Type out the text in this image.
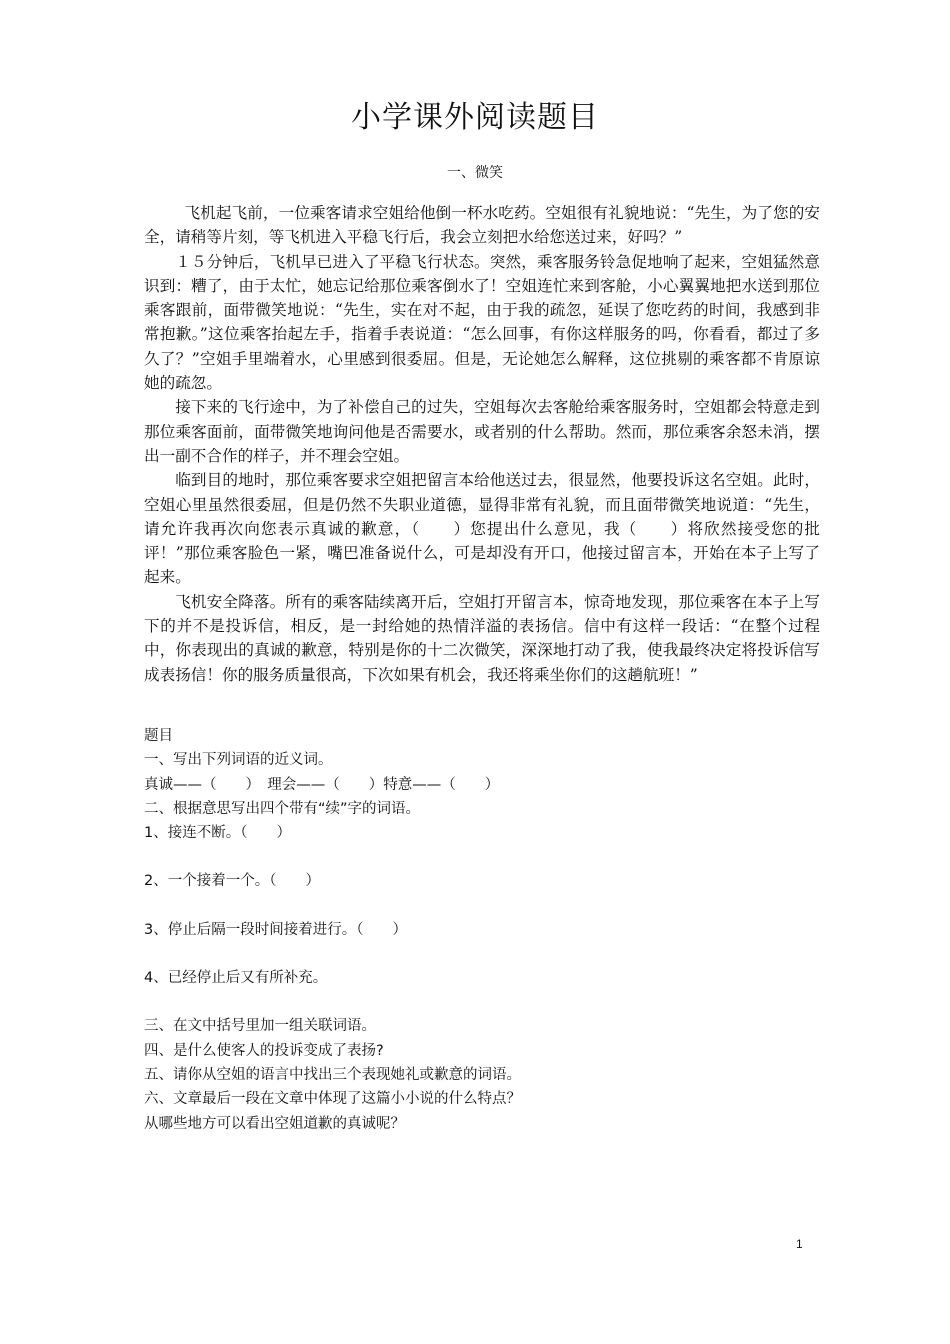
小学课外阅读题目
一、微笑

飞机起飞前，一位乘客请求空姐给他倒一杯水吃药。空姐很有礼貌地说：“先生，为了您的安全，请稍等片刻，等飞机进入平稳飞行后，我会立刻把水给您送过来，好吗？”

１５分钟后，飞机早已进入了平稳飞行状态。突然，乘客服务铃急促地响了起来，空姐猛然意识到：糟了，由于太忙，她忘记给那位乘客倒水了！空姐连忙来到客舱，小心翼翼地把水送到那位乘客跟前，面带微笑地说：“先生，实在对不起，由于我的疏忽，延误了您吃药的时间，我感到非常抱歉。”这位乘客抬起左手，指着手表说道：“怎么回事，有你这样服务的吗，你看看，都过了多久了？”空姐手里端着水，心里感到很委屈。但是，无论她怎么解释，这位挑剔的乘客都不肯原谅她的疏忽。

接下来的飞行途中，为了补偿自己的过失，空姐每次去客舱给乘客服务时，空姐都会特意走到那位乘客面前，面带微笑地询问他是否需要水，或者别的什么帮助。然而，那位乘客余怒未消，摆出一副不合作的样子，并不理会空姐。

临到目的地时，那位乘客要求空姐把留言本给他送过去，很显然，他要投诉这名空姐。此时，空姐心里虽然很委屈，但是仍然不失职业道德，显得非常有礼貌，而且面带微笑地说道：“先生，请允许我再次向您表示真诚的歉意，（　　）您提出什么意见，我（　　）将欣然接受您的批评！”那位乘客脸色一紧，嘴巴准备说什么，可是却没有开口，他接过留言本，开始在本子上写了起来。

飞机安全降落。所有的乘客陆续离开后，空姐打开留言本，惊奇地发现，那位乘客在本子上写下的并不是投诉信，相反，是一封给她的热情洋溢的表扬信。信中有这样一段话：“在整个过程中，你表现出的真诚的歉意，特别是你的十二次微笑，深深地打动了我，使我最终决定将投诉信写成表扬信！你的服务质量很高，下次如果有机会，我还将乘坐你们的这趟航班！”

题目
一、写出下列词语的近义词。
真诚——（　　）　理会——（　　）特意——（　　）
二、根据意思写出四个带有“续”字的词语。
1、接连不断。（　　）
2、一个接着一个。（　　）
3、停止后隔一段时间接着进行。（　　）
4、已经停止后又有所补充。
三、在文中括号里加一组关联词语。
四、是什么使客人的投诉变成了表扬?
五、请你从空姐的语言中找出三个表现她礼或歉意的词语。
六、文章最后一段在文章中体现了这篇小小说的什么特点？
从哪些地方可以看出空姐道歉的真诚呢？
1
